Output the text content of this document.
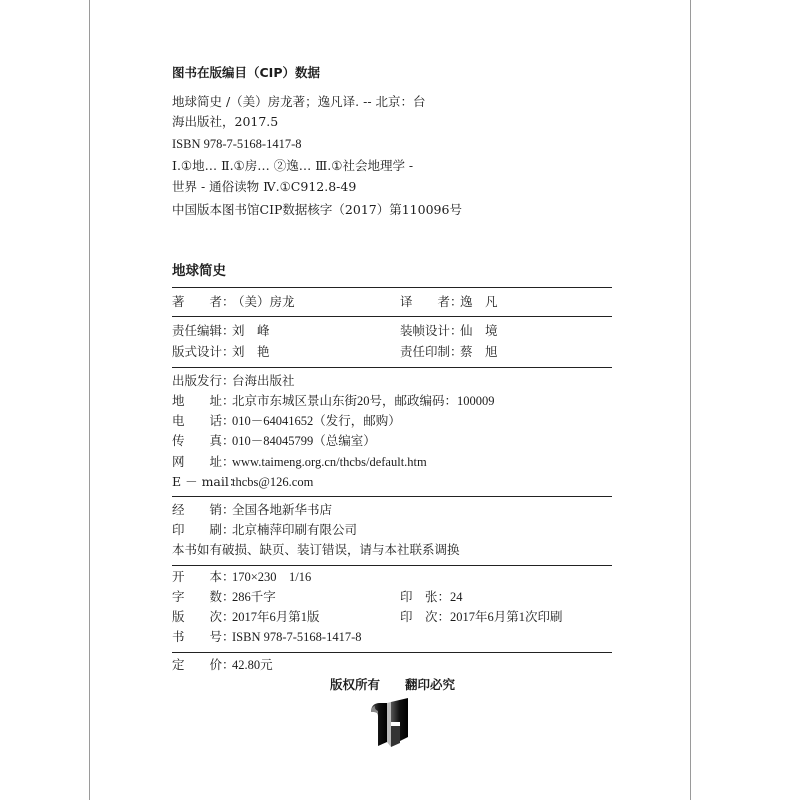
图书在版编目（CIP）数据
地球简史 /（美）房龙著；逸凡译. -- 北京：台
海出版社，2017.5
ISBN 978-7-5168-1417-8
Ⅰ.①地… Ⅱ.①房… ②逸… Ⅲ.①社会地理学 -
世界 - 通俗读物 Ⅳ.①C912.8-49
中国版本图书馆CIP数据核字（2017）第110096号
地球简史
著　　者：（美）房龙	译　　者：逸　凡
责任编辑：刘　峰	装帧设计：仙　境
版式设计：刘　艳	责任印制：蔡　旭
出版发行：台海出版社
地　　址：北京市东城区景山东街20号，邮政编码：100009
电　　话：010－64041652（发行，邮购）
传　　真：010－84045799（总编室）
网　　址：www.taimeng.org.cn/thcbs/default.htm
E － mail：thcbs@126.com
经　　销：全国各地新华书店
印　　刷：北京楠萍印刷有限公司
本书如有破损、缺页、装订错误，请与本社联系调换
开　　本：170×230　1/16
字　　数：286千字	印　张：24
版　　次：2017年6月第1版	印　次：2017年6月第1次印刷
书　　号：ISBN 978-7-5168-1417-8
定　　价：42.80元
版权所有 翻印必究
